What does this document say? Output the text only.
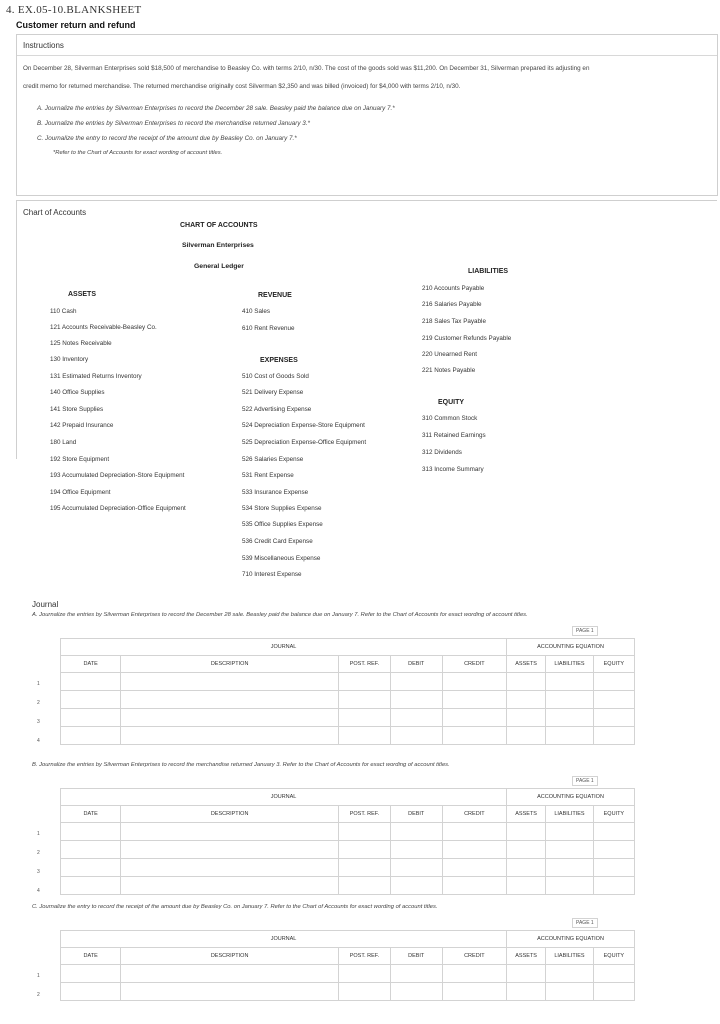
4. EX.05-10.BLANKSHEET
Customer return and refund
Instructions
On December 28, Silverman Enterprises sold $18,500 of merchandise to Beasley Co. with terms 2/10, n/30. The cost of the goods sold was $11,200. On December 31, Silverman prepared its adjusting en
credit memo for returned merchandise. The returned merchandise originally cost Silverman $2,350 and was billed (invoiced) for $4,000 with terms 2/10, n/30.
A. Journalize the entries by Silverman Enterprises to record the December 28 sale. Beasley paid the balance due on January 7.*
B. Journalize the entries by Silverman Enterprises to record the merchandise returned January 3.*
C. Journalize the entry to record the receipt of the amount due by Beasley Co. on January 7.*
*Refer to the Chart of Accounts for exact wording of account titles.
Chart of Accounts
CHART OF ACCOUNTS
Silverman Enterprises
General Ledger
ASSETS
110 Cash
121 Accounts Receivable-Beasley Co.
125 Notes Receivable
130 Inventory
131 Estimated Returns Inventory
140 Office Supplies
141 Store Supplies
142 Prepaid Insurance
180 Land
192 Store Equipment
193 Accumulated Depreciation-Store Equipment
194 Office Equipment
195 Accumulated Depreciation-Office Equipment
REVENUE
410 Sales
610 Rent Revenue
EXPENSES
510 Cost of Goods Sold
521 Delivery Expense
522 Advertising Expense
524 Depreciation Expense-Store Equipment
525 Depreciation Expense-Office Equipment
526 Salaries Expense
531 Rent Expense
533 Insurance Expense
534 Store Supplies Expense
535 Office Supplies Expense
536 Credit Card Expense
539 Miscellaneous Expense
710 Interest Expense
LIABILITIES
210 Accounts Payable
216 Salaries Payable
218 Sales Tax Payable
219 Customer Refunds Payable
220 Unearned Rent
221 Notes Payable
EQUITY
310 Common Stock
311 Retained Earnings
312 Dividends
313 Income Summary
Journal
A. Journalize the entries by Silverman Enterprises to record the December 28 sale. Beasley paid the balance due on January 7. Refer to the Chart of Accounts for exact wording of account titles.
PAGE 1
1
2
3
4
JOURNAL					ACCOUNTING EQUATION		
DATE	DESCRIPTION	POST. REF.	DEBIT	CREDIT	ASSETS	LIABILITIES	EQUITY

B. Journalize the entries by Silverman Enterprises to record the merchandise returned January 3. Refer to the Chart of Accounts for exact wording of account titles.
PAGE 1
1
2
3
4
JOURNAL					ACCOUNTING EQUATION		
DATE	DESCRIPTION	POST. REF.	DEBIT	CREDIT	ASSETS	LIABILITIES	EQUITY

C. Journalize the entry to record the receipt of the amount due by Beasley Co. on January 7. Refer to the Chart of Accounts for exact wording of account titles.
PAGE 1
1
2
JOURNAL					ACCOUNTING EQUATION		
DATE	DESCRIPTION	POST. REF.	DEBIT	CREDIT	ASSETS	LIABILITIES	EQUITY
